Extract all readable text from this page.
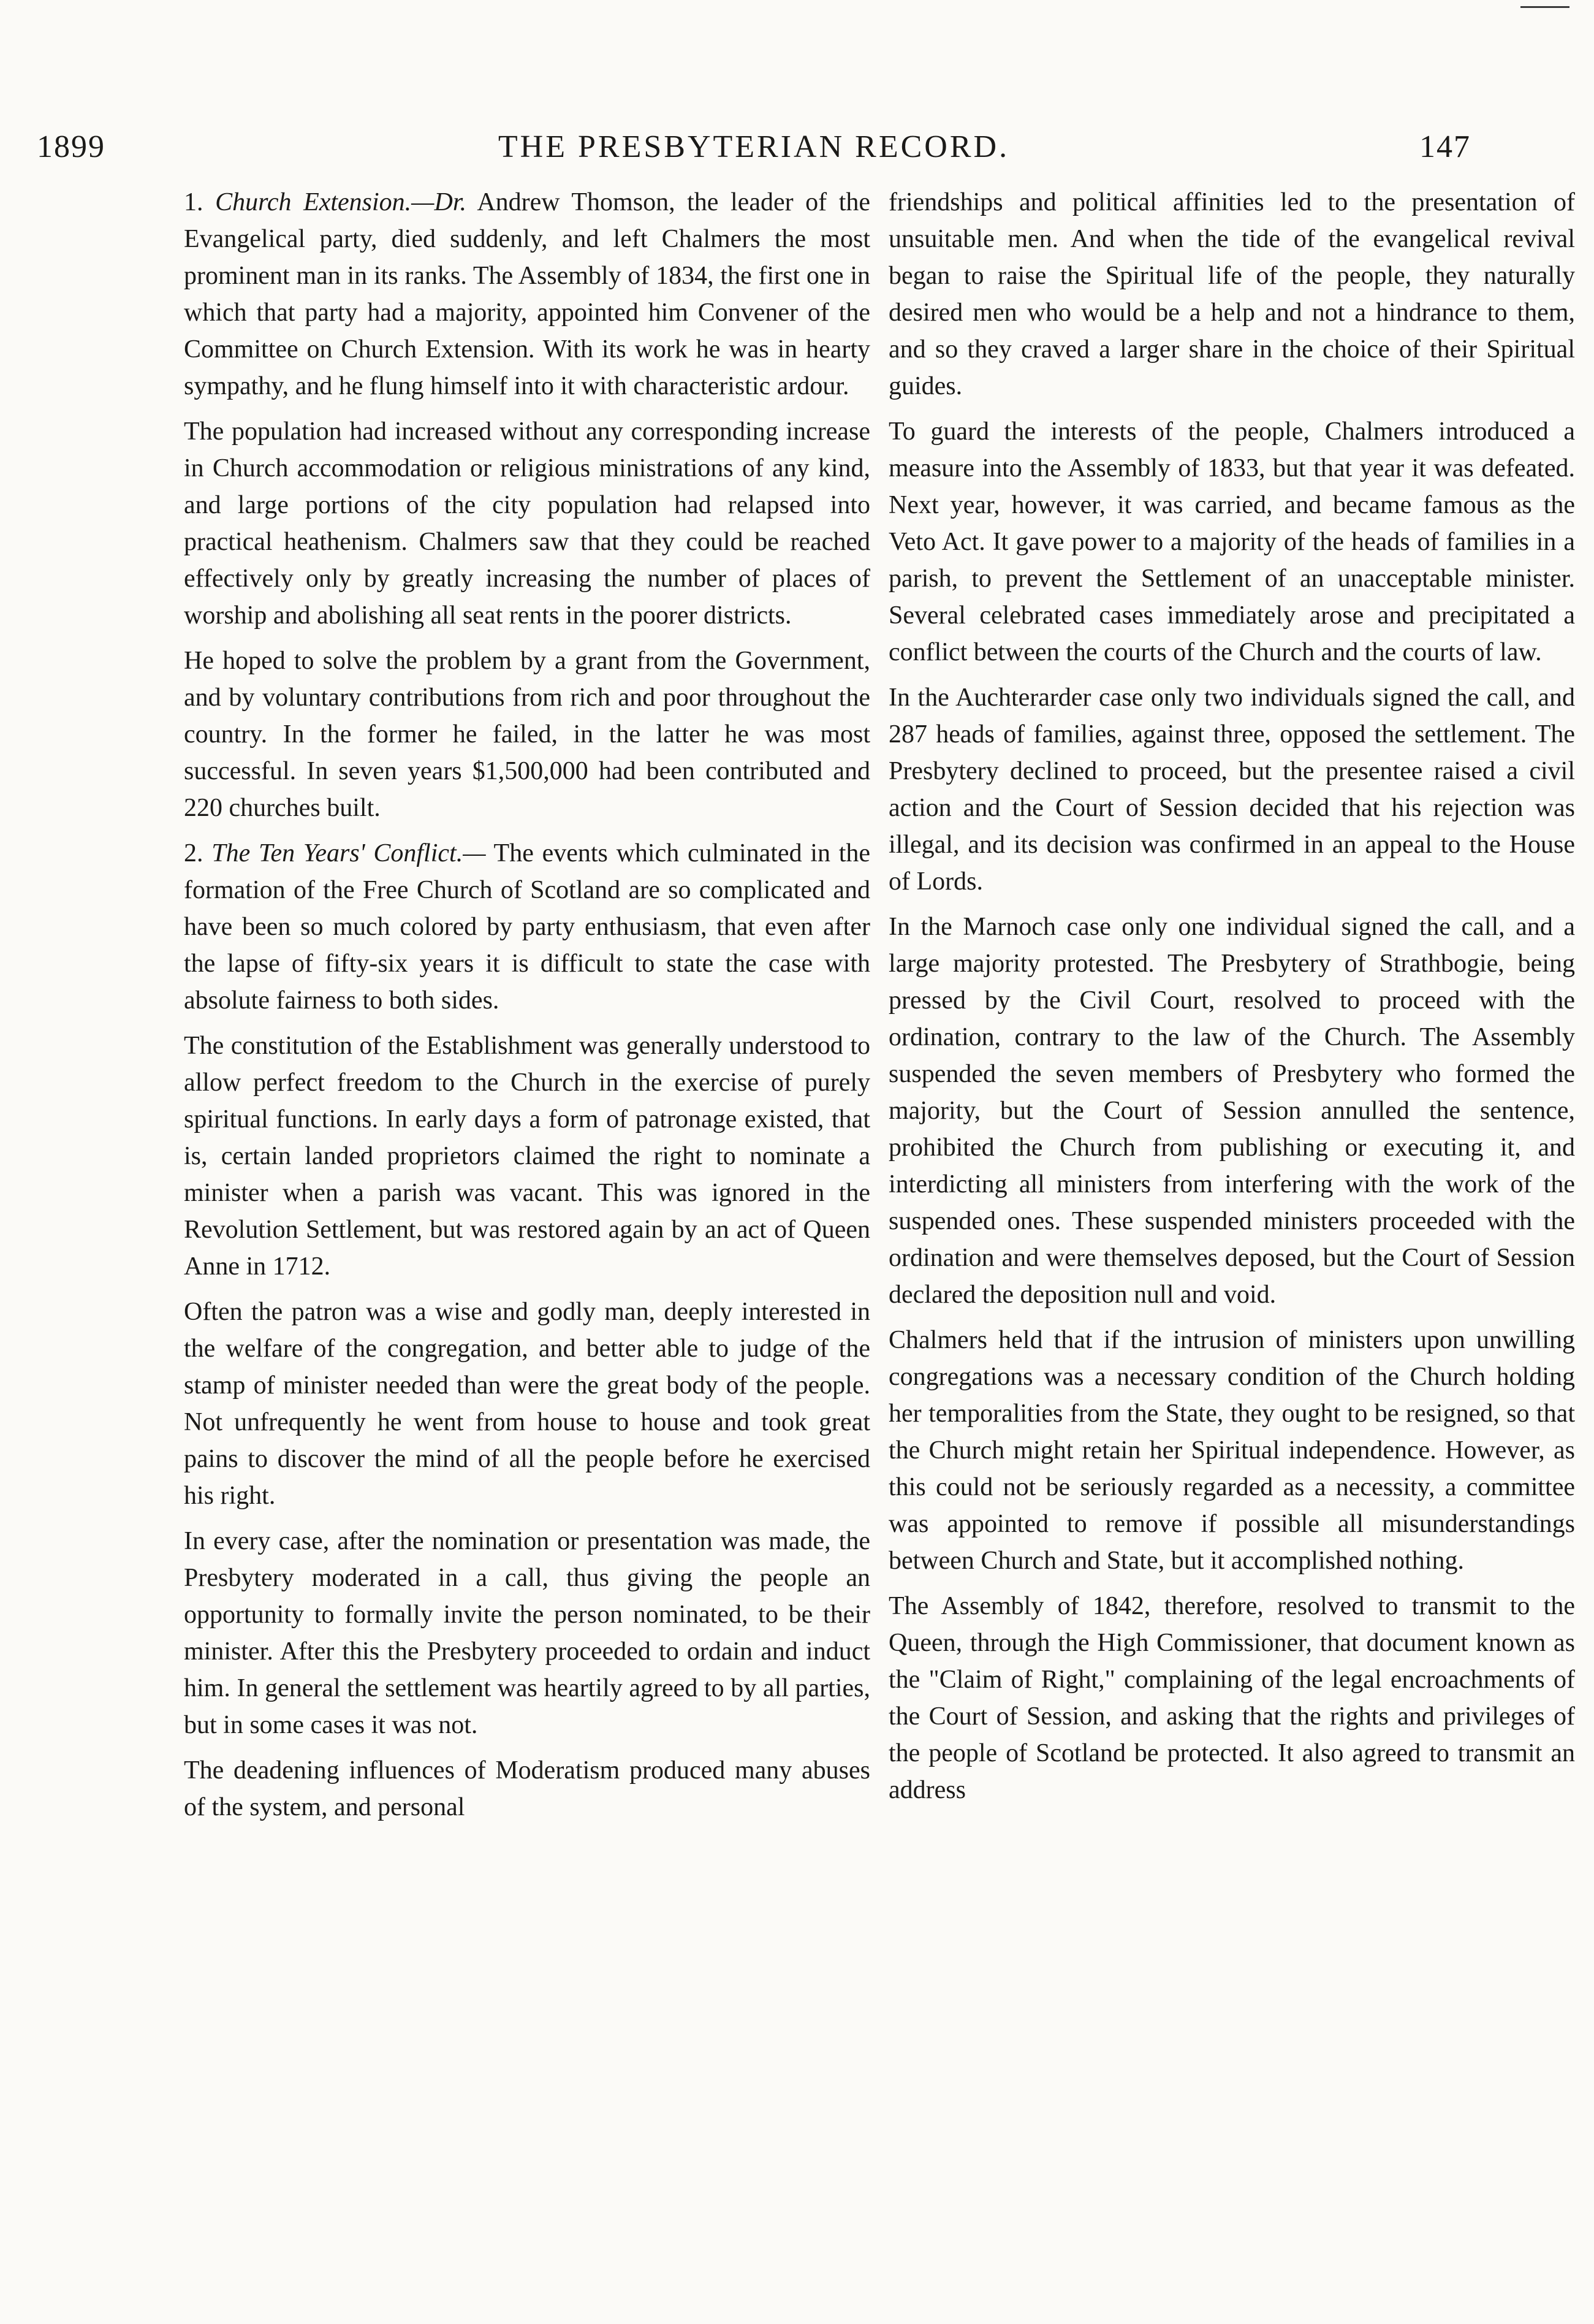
1899	THE PRESBYTERIAN RECORD.	147

1. Church Extension.—Dr. Andrew Thomson, the leader of the Evangelical party, died suddenly, and left Chalmers the most prominent man in its ranks. The Assembly of 1834, the first one in which that party had a majority, appointed him Convener of the Committee on Church Extension. With its work he was in hearty sympathy, and he flung himself into it with characteristic ardour.

The population had increased without any corresponding increase in Church accommodation or religious ministrations of any kind, and large portions of the city population had relapsed into practical heathenism. Chalmers saw that they could be reached effectively only by greatly increasing the number of places of worship and abolishing all seat rents in the poorer districts.

He hoped to solve the problem by a grant from the Government, and by voluntary contributions from rich and poor throughout the country. In the former he failed, in the latter he was most successful. In seven years $1,500,000 had been contributed and 220 churches built.

2. The Ten Years' Conflict.— The events which culminated in the formation of the Free Church of Scotland are so complicated and have been so much colored by party enthusiasm, that even after the lapse of fifty-six years it is difficult to state the case with absolute fairness to both sides.

The constitution of the Establishment was generally understood to allow perfect freedom to the Church in the exercise of purely spiritual functions. In early days a form of patronage existed, that is, certain landed proprietors claimed the right to nominate a minister when a parish was vacant. This was ignored in the Revolution Settlement, but was restored again by an act of Queen Anne in 1712.

Often the patron was a wise and godly man, deeply interested in the welfare of the congregation, and better able to judge of the stamp of minister needed than were the great body of the people. Not unfrequently he went from house to house and took great pains to discover the mind of all the people before he exercised his right.

In every case, after the nomination or presentation was made, the Presbytery moderated in a call, thus giving the people an opportunity to formally invite the person nominated, to be their minister. After this the Presbytery proceeded to ordain and induct him. In general the settlement was heartily agreed to by all parties, but in some cases it was not.

The deadening influences of Moderatism produced many abuses of the system, and personal

friendships and political affinities led to the presentation of unsuitable men. And when the tide of the evangelical revival began to raise the Spiritual life of the people, they naturally desired men who would be a help and not a hindrance to them, and so they craved a larger share in the choice of their Spiritual guides.

To guard the interests of the people, Chalmers introduced a measure into the Assembly of 1833, but that year it was defeated. Next year, however, it was carried, and became famous as the Veto Act. It gave power to a majority of the heads of families in a parish, to prevent the Settlement of an unacceptable minister. Several celebrated cases immediately arose and precipitated a conflict between the courts of the Church and the courts of law.

In the Auchterarder case only two individuals signed the call, and 287 heads of families, against three, opposed the settlement. The Presbytery declined to proceed, but the presentee raised a civil action and the Court of Session decided that his rejection was illegal, and its decision was confirmed in an appeal to the House of Lords.

In the Marnoch case only one individual signed the call, and a large majority protested. The Presbytery of Strathbogie, being pressed by the Civil Court, resolved to proceed with the ordination, contrary to the law of the Church. The Assembly suspended the seven members of Presbytery who formed the majority, but the Court of Session annulled the sentence, prohibited the Church from publishing or executing it, and interdicting all ministers from interfering with the work of the suspended ones. These suspended ministers proceeded with the ordination and were themselves deposed, but the Court of Session declared the deposition null and void.

Chalmers held that if the intrusion of ministers upon unwilling congregations was a necessary condition of the Church holding her temporalities from the State, they ought to be resigned, so that the Church might retain her Spiritual independence. However, as this could not be seriously regarded as a necessity, a committee was appointed to remove if possible all misunderstandings between Church and State, but it accomplished nothing.

The Assembly of 1842, therefore, resolved to transmit to the Queen, through the High Commissioner, that document known as the "Claim of Right," complaining of the legal encroachments of the Court of Session, and asking that the rights and privileges of the people of Scotland be protected. It also agreed to transmit an address
